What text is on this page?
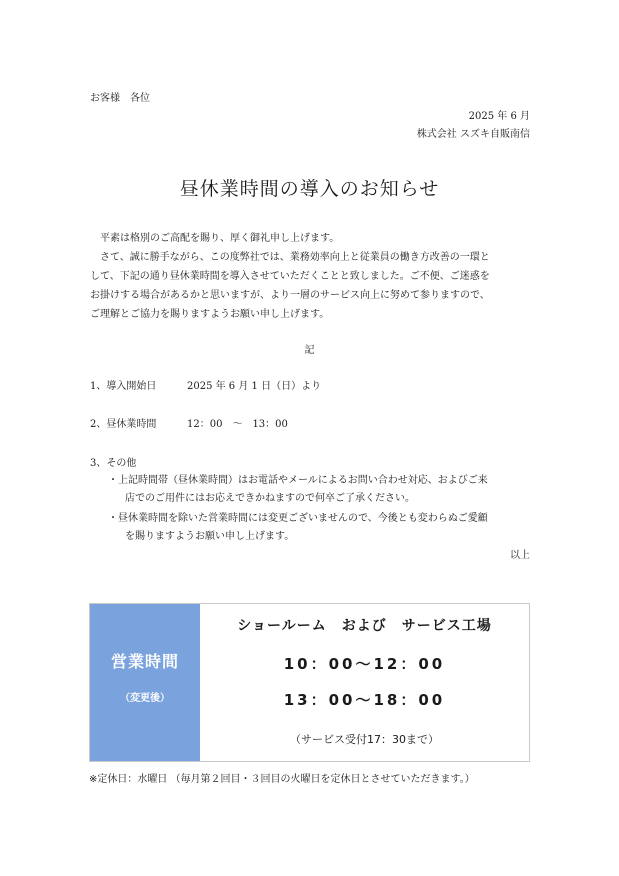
お客様　各位
2025 年 6 月
株式会社 スズキ自販南信
昼休業時間の導入のお知らせ
　平素は格別のご高配を賜り、厚く御礼申し上げます。
　さて、誠に勝手ながら、この度弊社では、業務効率向上と従業員の働き方改善の一環と
して、下記の通り昼休業時間を導入させていただくことと致しました。ご不便、ご迷惑を
お掛けする場合があるかと思いますが、より一層のサービス向上に努めて参りますので、
ご理解とご協力を賜りますようお願い申し上げます。
記
1、導入開始日	2025 年 6 月 1 日（日）より
2、昼休業時間	12：00　～　13：00
3、その他
・上記時間帯（昼休業時間）はお電話やメールによるお問い合わせ対応、およびご来
店でのご用件にはお応えできかねますので何卒ご了承ください。
・昼休業時間を除いた営業時間には変更ございませんので、今後とも変わらぬご愛顧
を賜りますようお願い申し上げます。
以上
営業時間
（変更後）
ショールーム　および　サービス工場
10：00～12：00
13：00～18：00
（サービス受付17：30まで）
※定休日：水曜日 （毎月第２回目・３回目の火曜日を定休日とさせていただきます。）
